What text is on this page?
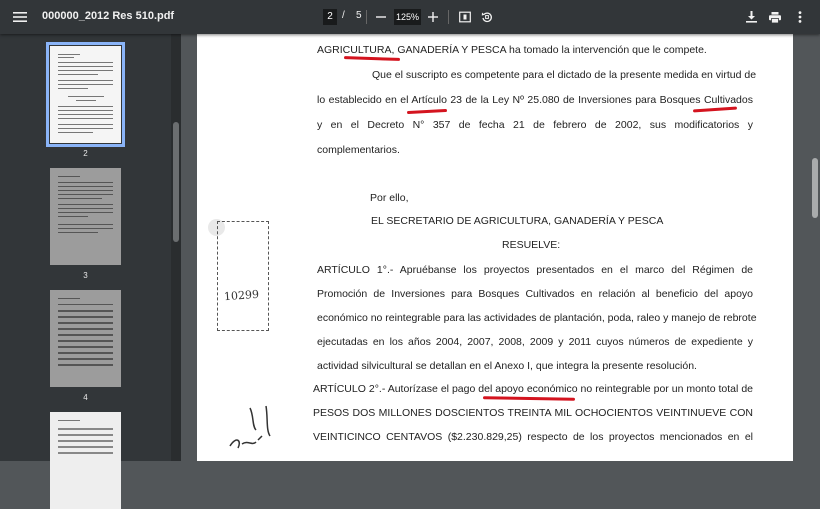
000000_2012 Res 510.pdf	2 / 5	125%
2
3
4
10299
AGRICULTURA, GANADERÍA Y PESCA ha tomado la intervención que le compete.
Que el suscripto es competente para el dictado de la presente medida en virtud de
lo establecido en el Artículo 23 de la Ley Nº 25.080 de Inversiones para Bosques Cultivados
y en el Decreto N° 357 de fecha 21 de febrero de 2002, sus modificatorios y
complementarios.
Por ello,
EL SECRETARIO DE AGRICULTURA, GANADERÍA Y PESCA
RESUELVE:
ARTÍCULO 1°.- Apruébanse los proyectos presentados en el marco del Régimen de
Promoción de Inversiones para Bosques Cultivados en relación al beneficio del apoyo
económico no reintegrable para las actividades de plantación, poda, raleo y manejo de rebrote
ejecutadas en los años 2004, 2007, 2008, 2009 y 2011 cuyos números de expediente y
actividad silvicultural se detallan en el Anexo I, que integra la presente resolución.
ARTÍCULO 2°.- Autorízase el pago del apoyo económico no reintegrable por un monto total de
PESOS DOS MILLONES DOSCIENTOS TREINTA MIL OCHOCIENTOS VEINTINUEVE CON
VEINTICINCO CENTAVOS ($2.230.829,25) respecto de los proyectos mencionados en el
